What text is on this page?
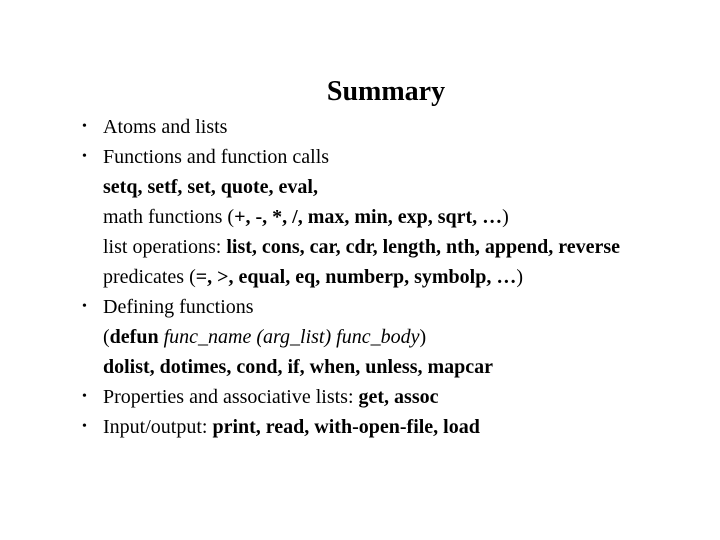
Summary
• Atoms and lists
• Functions and function calls
setq, setf, set, quote, eval,
math functions (+, -, *, /, max, min, exp, sqrt, …)
list operations: list, cons, car, cdr, length, nth, append, reverse
predicates (=, >, equal, eq, numberp, symbolp, …)
• Defining functions
(defun func_name (arg_list) func_body)
dolist, dotimes, cond, if, when, unless, mapcar
• Properties and associative lists: get, assoc
• Input/output: print, read, with-open-file, load
